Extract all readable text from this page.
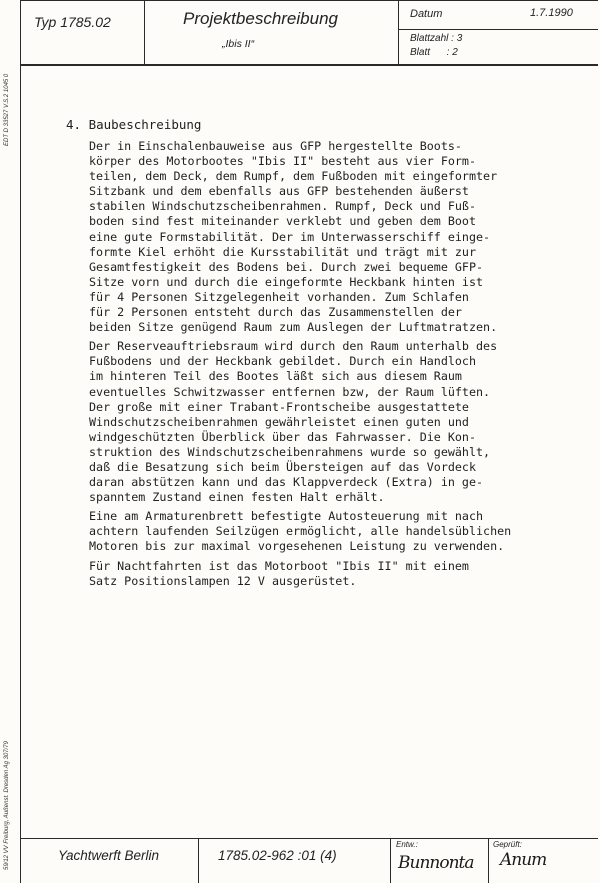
Typ 1785.02	Projektbeschreibung
„Ibis II“
Datum	1.7.1990
Blattzahl : 3
Blatt      : 2
EDT D 33527 V.S.2 1045 0
59/12 VV Freiburg, Außenst. Dresden Ag 307/79
4. Baubeschreibung

Der in Einschalenbauweise aus GFP hergestellte Boots-
körper des Motorbootes "Ibis II" besteht aus vier Form-
teilen, dem Deck, dem Rumpf, dem Fußboden mit eingeformter
Sitzbank und dem ebenfalls aus GFP bestehenden äußerst
stabilen Windschutzscheibenrahmen. Rumpf, Deck und Fuß-
boden sind fest miteinander verklebt und geben dem Boot
eine gute Formstabilität. Der im Unterwasserschiff einge-
formte Kiel erhöht die Kursstabilität und trägt mit zur
Gesamtfestigkeit des Bodens bei. Durch zwei bequeme GFP-
Sitze vorn und durch die eingeformte Heckbank hinten ist
für 4 Personen Sitzgelegenheit vorhanden. Zum Schlafen
für 2 Personen entsteht durch das Zusammenstellen der
beiden Sitze genügend Raum zum Auslegen der Luftmatratzen.

Der Reserveauftriebsraum wird durch den Raum unterhalb des
Fußbodens und der Heckbank gebildet. Durch ein Handloch
im hinteren Teil des Bootes läßt sich aus diesem Raum
eventuelles Schwitzwasser entfernen bzw, der Raum lüften.
Der große mit einer Trabant-Frontscheibe ausgestattete
Windschutzscheibenrahmen gewährleistet einen guten und
windgeschützten Überblick über das Fahrwasser. Die Kon-
struktion des Windschutzscheibenrahmens wurde so gewählt,
daß die Besatzung sich beim Übersteigen auf das Vordeck
daran abstützen kann und das Klappverdeck (Extra) in ge-
spanntem Zustand einen festen Halt erhält.

Eine am Armaturenbrett befestigte Autosteuerung mit nach
achtern laufenden Seilzügen ermöglicht, alle handelsüblichen
Motoren bis zur maximal vorgesehenen Leistung zu verwenden.

Für Nachtfahrten ist das Motorboot "Ibis II" mit einem
Satz Positionslampen 12 V ausgerüstet.

Yachtwerft Berlin	1785.02-962 :01 (4)
Entw.:
Bunnonta
Geprüft:
Anum
